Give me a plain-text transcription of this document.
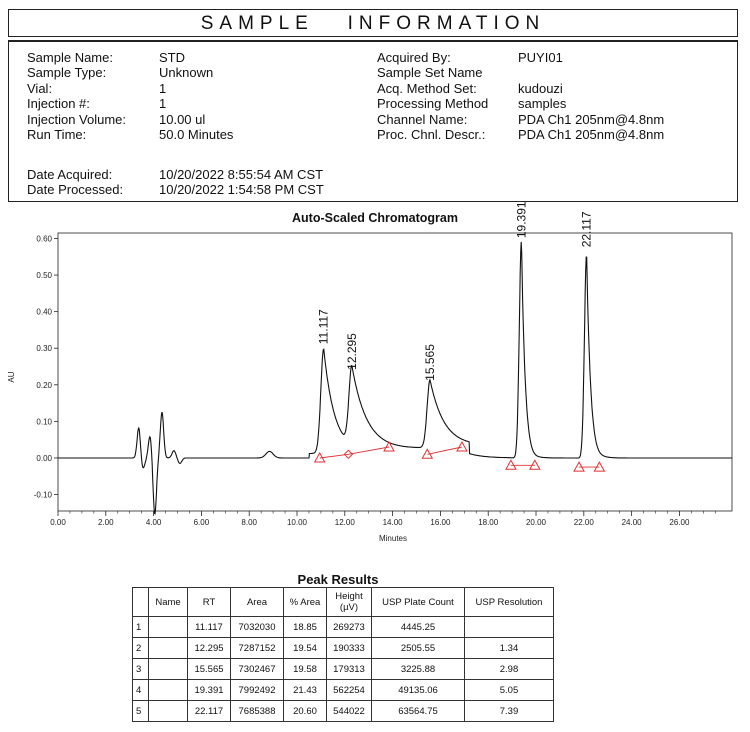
SAMPLE   INFORMATION
Sample Name:	STD
Sample Type:	Unknown
Vial:	1
Injection #:	1
Injection Volume:	10.00 ul
Run Time:	50.0 Minutes
Acquired By:	PUYI01
Sample Set Name
Acq. Method Set:	kudouzi
Processing Method	samples
Channel Name:	PDA Ch1 205nm@4.8nm
Proc. Chnl. Descr.:	PDA Ch1 205nm@4.8nm
Date Acquired:	10/20/2022 8:55:54 AM CST
Date Processed:	10/20/2022 1:54:58 PM CST
Auto-Scaled Chromatogram
-0.10
0.00
0.10
0.20
0.30
0.40
0.50
0.60
0.00	2.00	4.00	6.00	8.00	10.00	12.00	14.00	16.00	18.00	20.00	22.00	24.00	26.00
11.117
12.295	15.565
19.391	22.117
AU
Minutes
Peak Results
	Name	RT	Area	% Area	Height
(µV)	USP Plate Count	USP Resolution
1		11.117	7032030	18.85	269273	4445.25	
2		12.295	7287152	19.54	190333	2505.55	1.34
3		15.565	7302467	19.58	179313	3225.88	2.98
4		19.391	7992492	21.43	562254	49135.06	5.05
5		22.117	7685388	20.60	544022	63564.75	7.39
